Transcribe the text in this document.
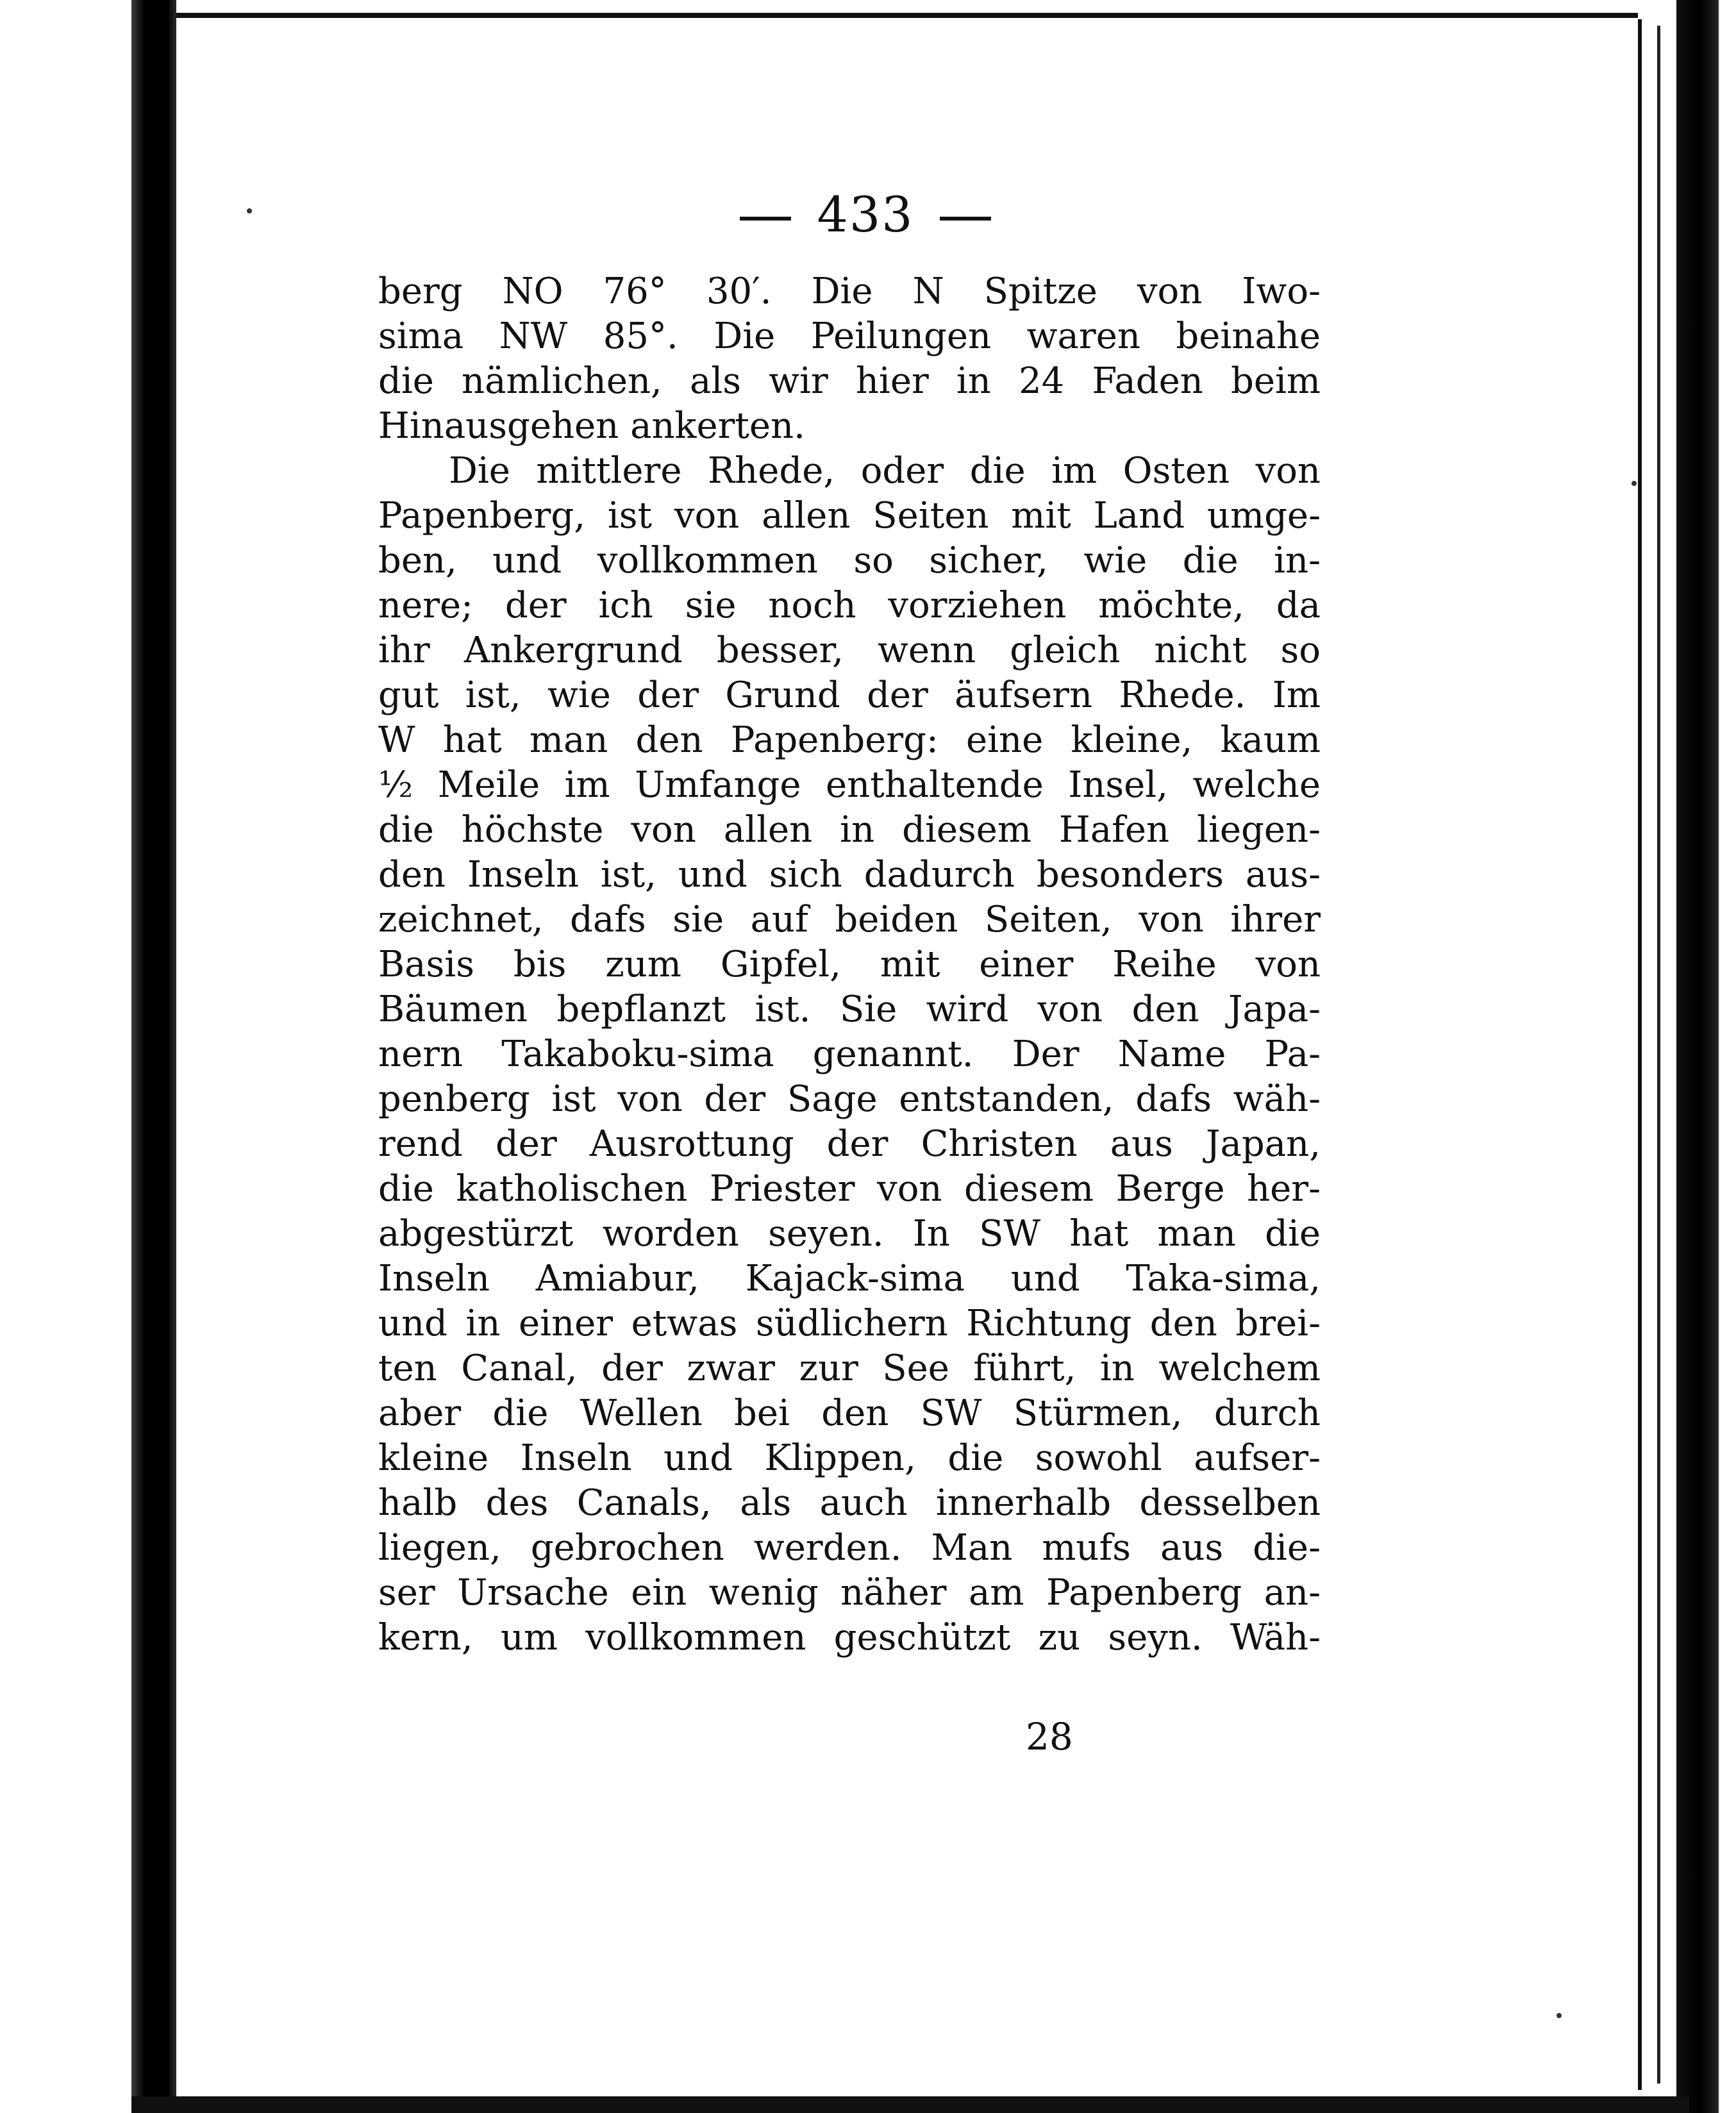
433
berg NO 76° 30′. Die N Spitze von Iwo-
sima NW 85°. Die Peilungen waren beinahe
die nämlichen, als wir hier in 24 Faden beim
Hinausgehen ankerten.
Die mittlere Rhede, oder die im Osten von
Papenberg, ist von allen Seiten mit Land umge-
ben, und vollkommen so sicher, wie die in-
nere; der ich sie noch vorziehen möchte, da
ihr Ankergrund besser, wenn gleich nicht so
gut ist, wie der Grund der äufsern Rhede. Im
W hat man den Papenberg: eine kleine, kaum
½ Meile im Umfange enthaltende Insel, welche
die höchste von allen in diesem Hafen liegen-
den Inseln ist, und sich dadurch besonders aus-
zeichnet, dafs sie auf beiden Seiten, von ihrer
Basis bis zum Gipfel, mit einer Reihe von
Bäumen bepflanzt ist. Sie wird von den Japa-
nern Takaboku-sima genannt. Der Name Pa-
penberg ist von der Sage entstanden, dafs wäh-
rend der Ausrottung der Christen aus Japan,
die katholischen Priester von diesem Berge her-
abgestürzt worden seyen. In SW hat man die
Inseln Amiabur, Kajack-sima und Taka-sima,
und in einer etwas südlichern Richtung den brei-
ten Canal, der zwar zur See führt, in welchem
aber die Wellen bei den SW Stürmen, durch
kleine Inseln und Klippen, die sowohl aufser-
halb des Canals, als auch innerhalb desselben
liegen, gebrochen werden. Man mufs aus die-
ser Ursache ein wenig näher am Papenberg an-
kern, um vollkommen geschützt zu seyn. Wäh-
28
